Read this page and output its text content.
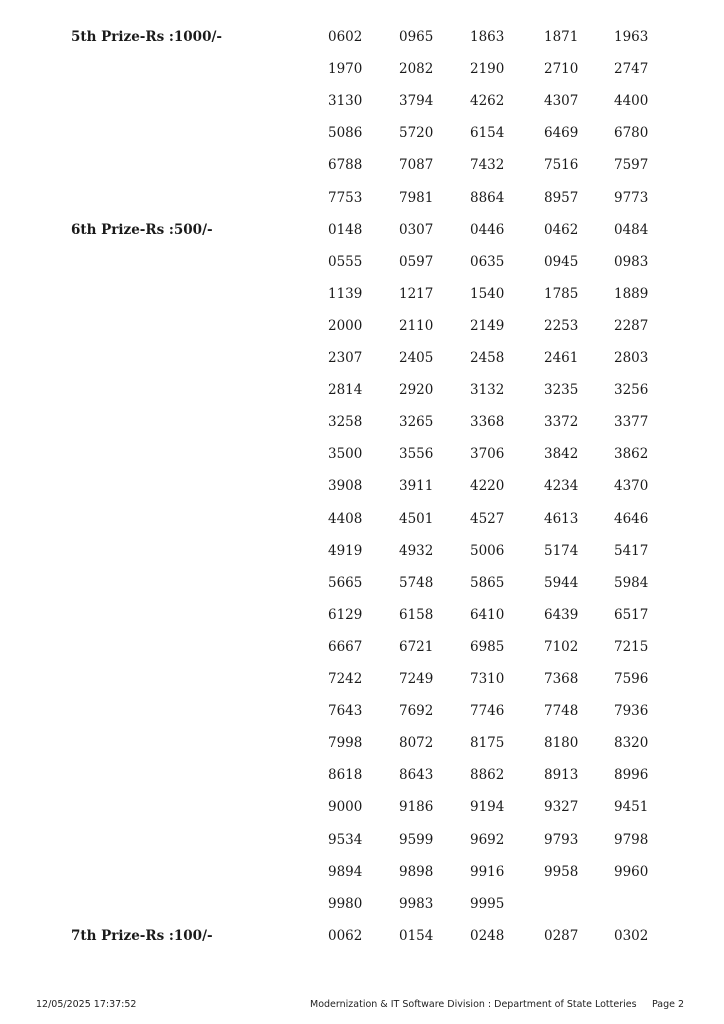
5th Prize-Rs :1000/-	0602	0965	1863	1871	1963
1970	2082	2190	2710	2747
3130	3794	4262	4307	4400
5086	5720	6154	6469	6780
6788	7087	7432	7516	7597
7753	7981	8864	8957	9773
6th Prize-Rs :500/-	0148	0307	0446	0462	0484
0555	0597	0635	0945	0983
1139	1217	1540	1785	1889
2000	2110	2149	2253	2287
2307	2405	2458	2461	2803
2814	2920	3132	3235	3256
3258	3265	3368	3372	3377
3500	3556	3706	3842	3862
3908	3911	4220	4234	4370
4408	4501	4527	4613	4646
4919	4932	5006	5174	5417
5665	5748	5865	5944	5984
6129	6158	6410	6439	6517
6667	6721	6985	7102	7215
7242	7249	7310	7368	7596
7643	7692	7746	7748	7936
7998	8072	8175	8180	8320
8618	8643	8862	8913	8996
9000	9186	9194	9327	9451
9534	9599	9692	9793	9798
9894	9898	9916	9958	9960
9980	9983	9995
7th Prize-Rs :100/-	0062	0154	0248	0287	0302
12/05/2025 17:37:52	Modernization & IT Software Division : Department of State Lotteries Page 2
